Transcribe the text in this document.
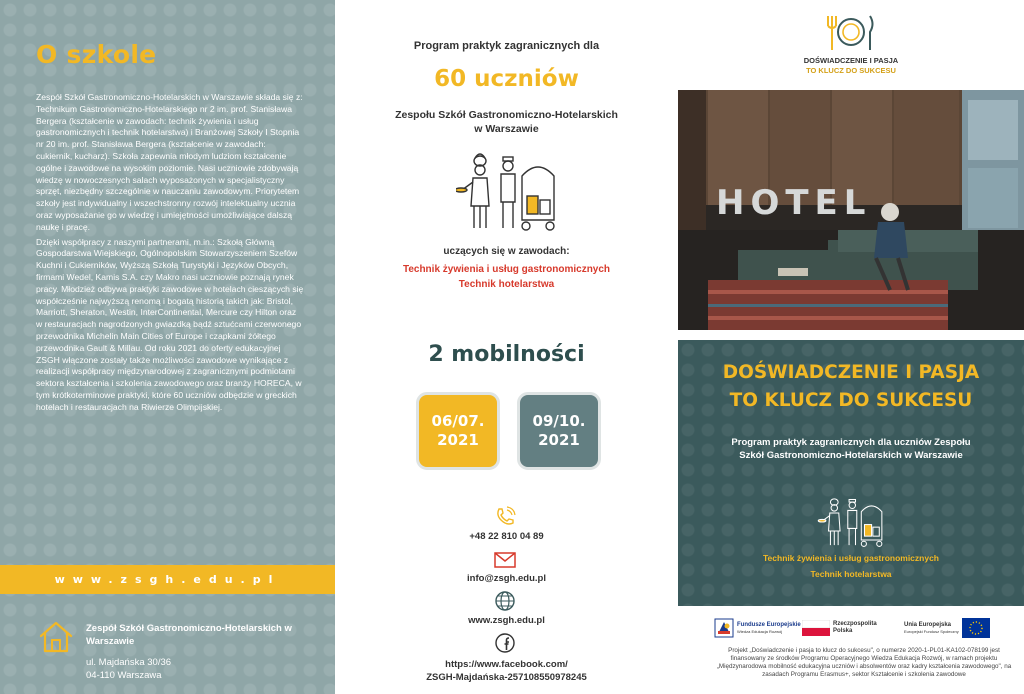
O szkole

Zespół Szkół Gastronomiczno-Hotelarskich w Warszawie składa się z: Technikum Gastronomiczno-Hotelarskiego nr 2 im. prof. Stanisława Bergera (kształcenie w zawodach: technik żywienia i usług gastronomicznych i technik hotelarstwa) i Branżowej Szkoły I Stopnia nr 20 im. prof. Stanisława Bergera (kształcenie w zawodach: cukiernik, kucharz). Szkoła zapewnia młodym ludziom kształcenie ogólne i zawodowe na wysokim poziomie. Nasi uczniowie zdobywają wiedzę w nowoczesnych salach wyposażonych w specjalistyczny sprzęt, niezbędny szczególnie w nauczaniu zawodowym. Priorytetem szkoły jest indywidualny i wszechstronny rozwój intelektualny ucznia oraz wyposażanie go w wiedzę i umiejętności umożliwiające dalszą naukę i pracę.

Dzięki współpracy z naszymi partnerami, m.in.: Szkołą Główną Gospodarstwa Wiejskiego, Ogólnopolskim Stowarzyszeniem Szefów Kuchni i Cukierników, Wyższą Szkołą Turystyki i Języków Obcych, firmami Wedel, Kamis S.A. czy Makro nasi uczniowie poznają rynek pracy. Młodzież odbywa praktyki zawodowe w hotelach cieszących się współcześnie najwyższą renomą i bogatą historią takich jak: Bristol, Marriott, Sheraton, Westin, InterContinental, Mercure czy Hilton oraz w restauracjach nagrodzonych gwiazdką bądź sztućcami czerwonego przewodnika Michelin Main Cities of Europe i czapkami żółtego przewodnika Gault & Millau. Od roku 2021 do oferty edukacyjnej ZSGH włączone zostały także możliwości zawodowe wynikające z realizacji współpracy międzynarodowej z zagranicznymi podmiotami sektora kształcenia i szkolenia zawodowego oraz branży HORECA, w tym krótkoterminowe praktyki, które 60 uczniów odbędzie w greckich hotelach i restauracjach na Riwierze Olimpijskiej.

www.zsgh.edu.pl
Zespół Szkół Gastronomiczno-Hotelarskich w Warszawie
ul. Majdańska 30/36
04-110 Warszawa
Program praktyk zagranicznych dla
60 uczniów
Zespołu Szkół Gastronomiczno-Hotelarskich w Warszawie
uczących się w zawodach:
Technik żywienia i usług gastronomicznych
Technik hotelarstwa
2 mobilności
06/07.
2021
09/10.
2021
+48 22 810 04 89
info@zsgh.edu.pl
www.zsgh.edu.pl
https://www.facebook.com/
ZSGH-Majdańska-257108550978245
DOŚWIADCZENIE I PASJA
TO KLUCZ DO SUKCESU
HOTEL
DOŚWIADCZENIE I PASJA
TO KLUCZ DO SUKCESU
Program praktyk zagranicznych dla uczniów Zespołu Szkół Gastronomiczno-Hotelarskich w Warszawie
Technik żywienia i usług gastronomicznych
Technik hotelarstwa
Fundusze Europejskie
Wiedza Edukacja Rozwój
Rzeczpospolita Polska
Unia Europejska
Europejski Fundusz Społeczny
Projekt „Doświadczenie i pasja to klucz do sukcesu", o numerze 2020-1-PL01-KA102-078199 jest finansowany ze środków Programu Operacyjnego Wiedza Edukacja Rozwój, w ramach projektu „Międzynarodowa mobilność edukacyjna uczniów i absolwentów oraz kadry kształcenia zawodowego", na zasadach Programu Erasmus+, sektor Kształcenie i szkolenia zawodowe
